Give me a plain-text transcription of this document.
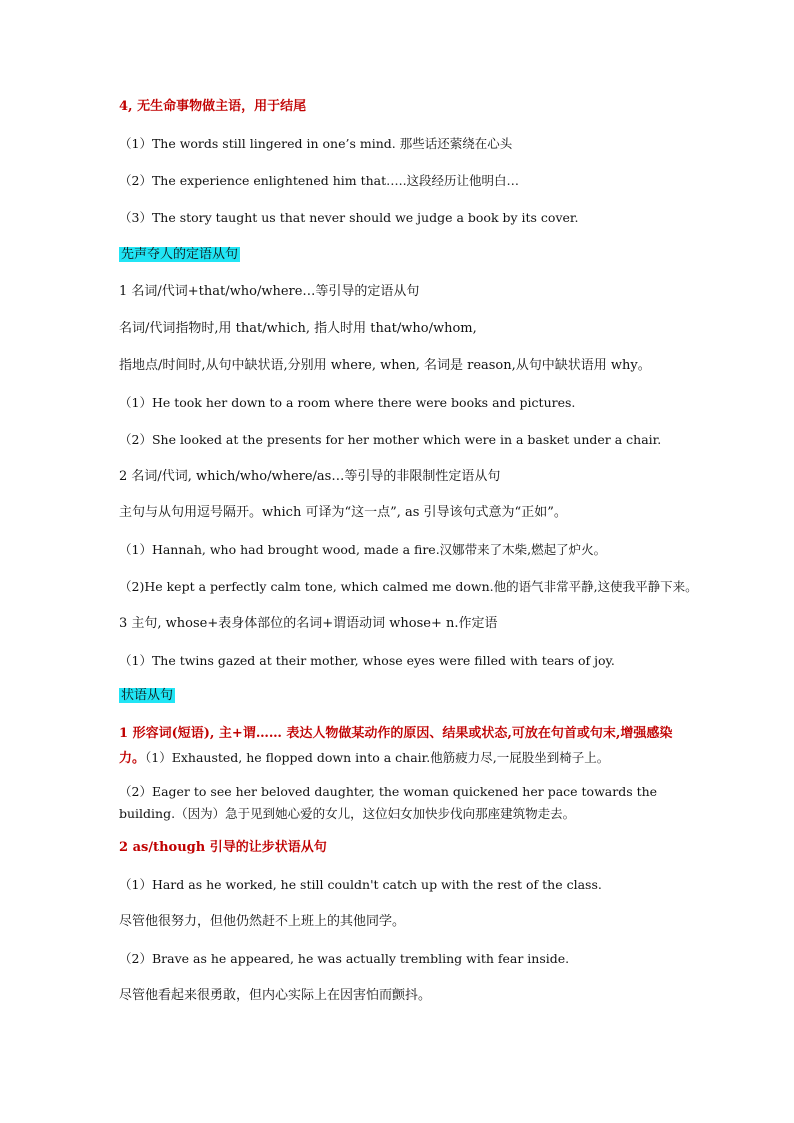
4, 无生命事物做主语，用于结尾
（1）The words still lingered in one’s mind. 那些话还萦绕在心头
（2）The experience enlightened him that…..这段经历让他明白…
（3）The story taught us that never should we judge a book by its cover.
先声夺人的定语从句
1 名词/代词+that/who/where…等引导的定语从句
名词/代词指物时,用 that/which, 指人时用 that/who/whom,
指地点/时间时,从句中缺状语,分别用 where, when, 名词是 reason,从句中缺状语用 why。
（1）He took her down to a room where there were books and pictures.
（2）She looked at the presents for her mother which were in a basket under a chair.
2 名词/代词, which/who/where/as…等引导的非限制性定语从句
主句与从句用逗号隔开。which 可译为“这一点”, as 引导该句式意为“正如”。
（1）Hannah, who had brought wood, made a fire.汉娜带来了木柴,燃起了炉火。
（2)He kept a perfectly calm tone, which calmed me down.他的语气非常平静,这使我平静下来。
3 主句, whose+表身体部位的名词+谓语动词 whose+ n.作定语
（1）The twins gazed at their mother, whose eyes were filled with tears of joy.
状语从句
1 形容词(短语), 主+谓…… 表达人物做某动作的原因、结果或状态,可放在句首或句末,增强感染力。（1）Exhausted, he flopped down into a chair.他筋疲力尽,一屁股坐到椅子上。
（2）Eager to see her beloved daughter, the woman quickened her pace towards the building.（因为）急于见到她心爱的女儿，这位妇女加快步伐向那座建筑物走去。
2 as/though 引导的让步状语从句
（1）Hard as he worked, he still couldn't catch up with the rest of the class.
尽管他很努力，但他仍然赶不上班上的其他同学。
（2）Brave as he appeared, he was actually trembling with fear inside.
尽管他看起来很勇敢，但内心实际上在因害怕而颤抖。
